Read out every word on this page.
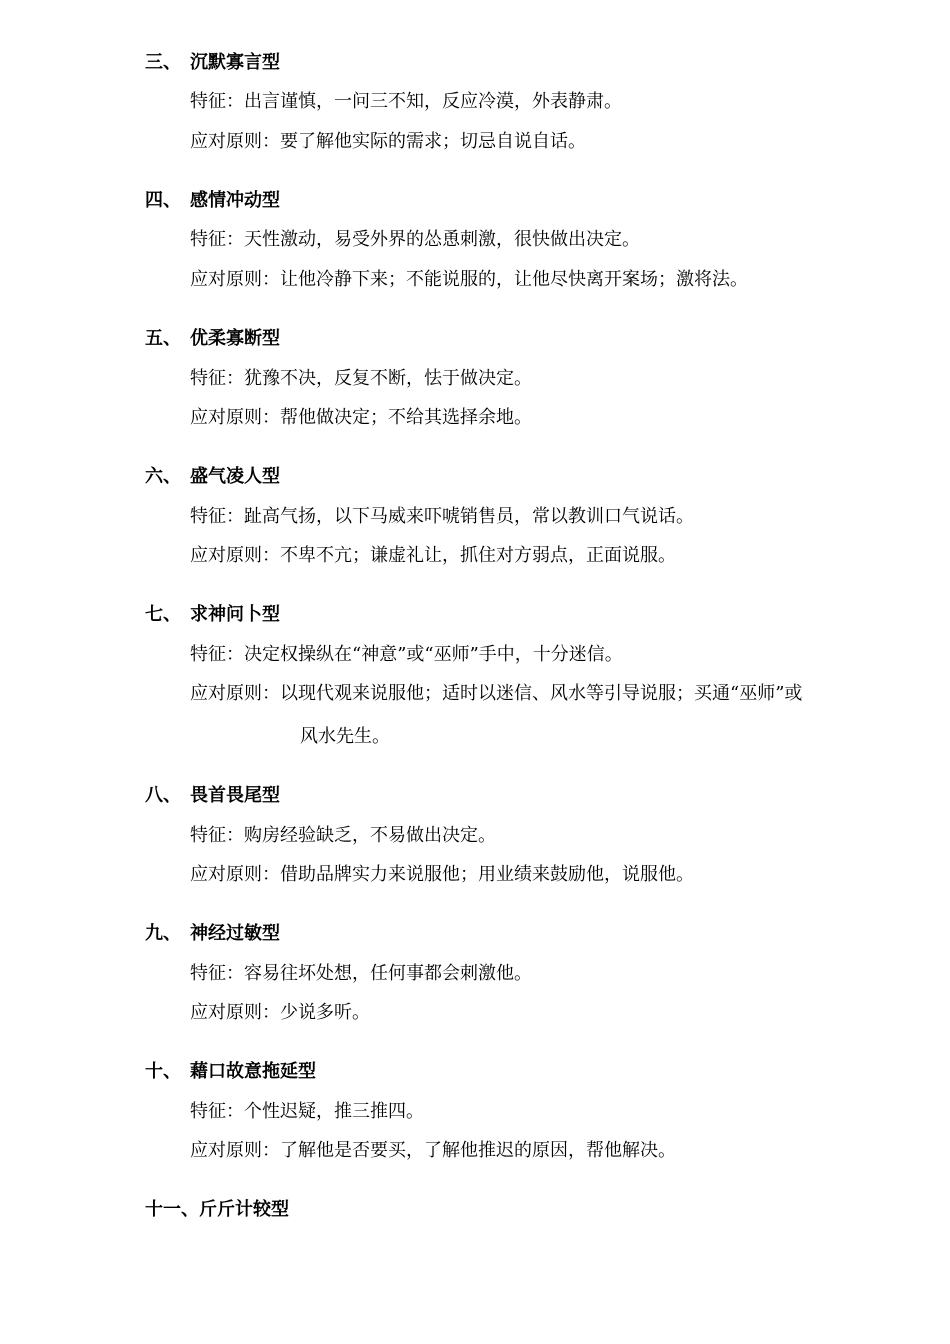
三、 沉默寡言型
特征：出言谨慎，一问三不知，反应冷漠，外表静肃。
应对原则：要了解他实际的需求；切忌自说自话。
四、 感情冲动型
特征：天性激动，易受外界的怂恿刺激，很快做出决定。
应对原则：让他冷静下来；不能说服的，让他尽快离开案场；激将法。
五、 优柔寡断型
特征：犹豫不决，反复不断，怯于做决定。
应对原则：帮他做决定；不给其选择余地。
六、 盛气凌人型
特征：趾高气扬，以下马威来吓唬销售员，常以教训口气说话。
应对原则：不卑不亢；谦虚礼让，抓住对方弱点，正面说服。
七、 求神问卜型
特征：决定权操纵在“神意”或“巫师”手中，十分迷信。
应对原则：以现代观来说服他；适时以迷信、风水等引导说服；买通“巫师”或
风水先生。
八、 畏首畏尾型
特征：购房经验缺乏，不易做出决定。
应对原则：借助品牌实力来说服他；用业绩来鼓励他，说服他。
九、 神经过敏型
特征：容易往坏处想，任何事都会刺激他。
应对原则：少说多听。
十、 藉口故意拖延型
特征：个性迟疑，推三推四。
应对原则：了解他是否要买，了解他推迟的原因，帮他解决。
十一、斤斤计较型
